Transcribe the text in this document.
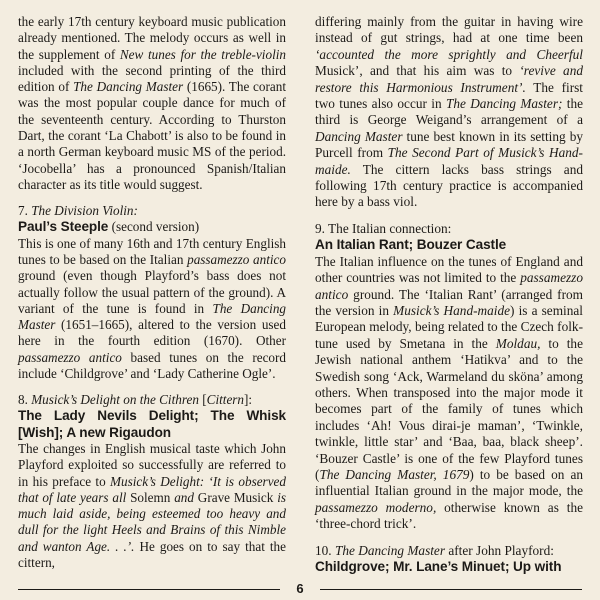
the early 17th century keyboard music publication already mentioned. The melody occurs as well in the supplement of New tunes for the treble-violin included with the second printing of the third edition of The Dancing Master (1665). The corant was the most popular couple dance for much of the seventeenth century. According to Thurston Dart, the corant ‘La Chabott’ is also to be found in a north German keyboard music MS of the period. ‘Jocobella’ has a pronounced Spanish/Italian character as its title would suggest.

7. The Division Violin:

Paul’s Steeple (second version)

This is one of many 16th and 17th century English tunes to be based on the Italian passamezzo antico ground (even though Playford’s bass does not actually follow the usual pattern of the ground). A variant of the tune is found in The Dancing Master (1651–1665), altered to the version used here in the fourth edition (1670). Other passamezzo antico based tunes on the record include ‘Childgrove’ and ‘Lady Catherine Ogle’.

8. Musick’s Delight on the Cithren [Cittern]:

The Lady Nevils Delight; The Whisk [Wish]; A new Rigaudon

The changes in English musical taste which John Playford exploited so successfully are referred to in his preface to Musick’s Delight: ‘It is observed that of late years all Solemn and Grave Musick is much laid aside, being esteemed too heavy and dull for the light Heels and Brains of this Nimble and wanton Age. . .’. He goes on to say that the cittern,

differing mainly from the guitar in having wire instead of gut strings, had at one time been ‘accounted the more sprightly and Cheerful Musick’, and that his aim was to ‘revive and restore this Harmonious Instrument’. The first two tunes also occur in The Dancing Master; the third is George Weigand’s arrangement of a Dancing Master tune best known in its setting by Purcell from The Second Part of Musick’s Hand-maide. The cittern lacks bass strings and following 17th century practice is accompanied here by a bass viol.

9. The Italian connection:

An Italian Rant; Bouzer Castle

The Italian influence on the tunes of England and other countries was not limited to the passamezzo antico ground. The ‘Italian Rant’ (arranged from the version in Musick’s Hand-maide) is a seminal European melody, being related to the Czech folk-tune used by Smetana in the Moldau, to the Jewish national anthem ‘Hatikva’ and to the Swedish song ‘Ack, Warmeland du sköna’ among others. When transposed into the major mode it becomes part of the family of tunes which includes ‘Ah! Vous dirai-je maman’, ‘Twinkle, twinkle, little star’ and ‘Baa, baa, black sheep’. ‘Bouzer Castle’ is one of the few Playford tunes (The Dancing Master, 1679) to be based on an influential Italian ground in the major mode, the passamezzo moderno, otherwise known as the ‘three-chord trick’.

10. The Dancing Master after John Playford:

Childgrove; Mr. Lane’s Minuet; Up with

6
